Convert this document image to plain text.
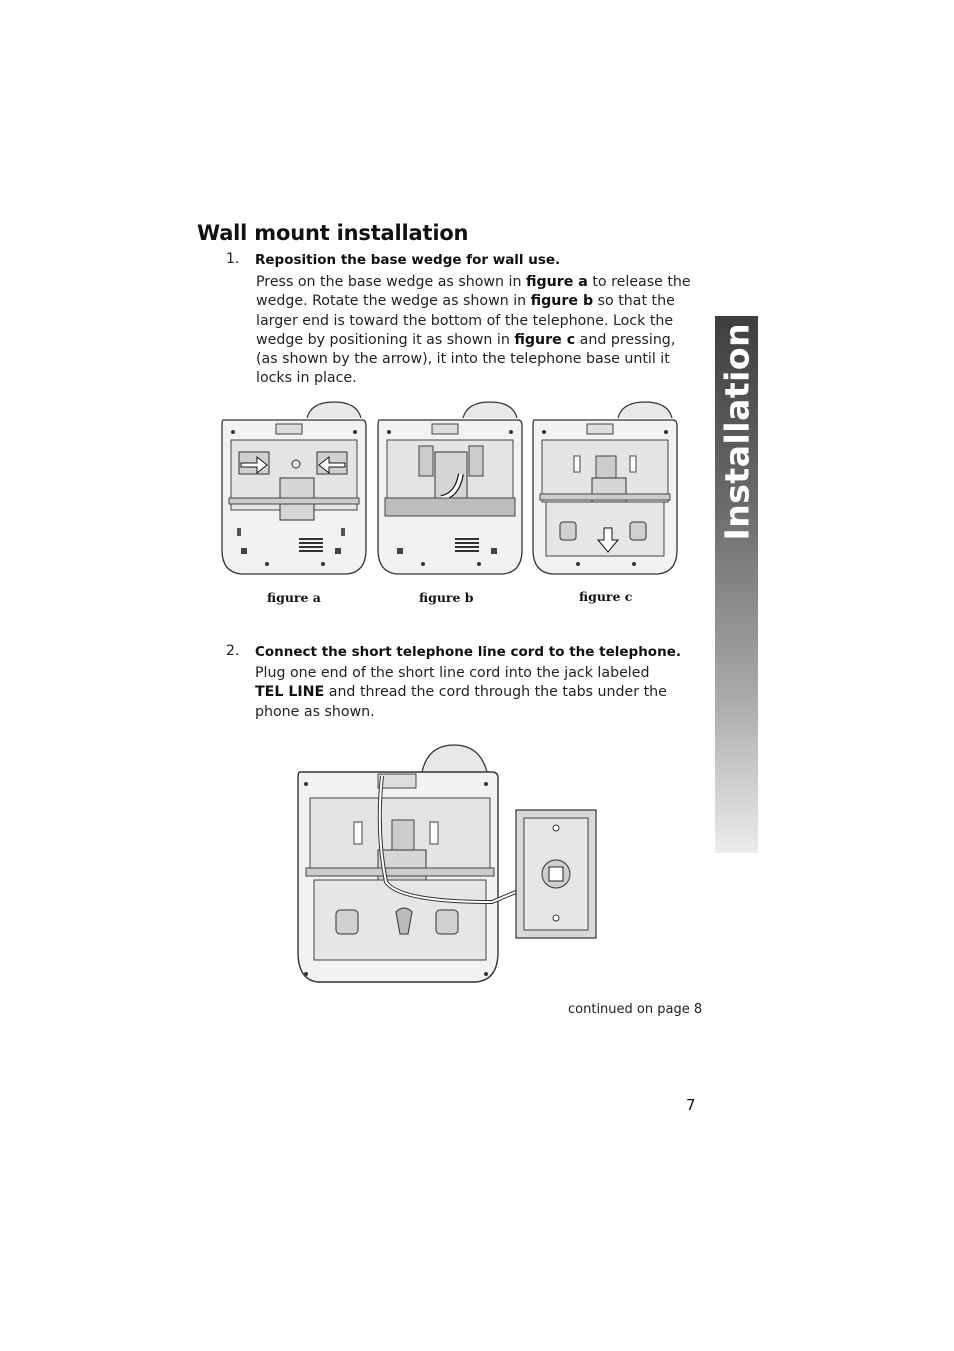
Installation
Wall mount installation
1. Reposition the base wedge for wall use.
Press on the base wedge as shown in figure a to release the
wedge. Rotate the wedge as shown in figure b so that the
larger end is toward the bottom of the telephone. Lock the
wedge by positioning it as shown in figure c and pressing,
(as shown by the arrow), it into the telephone base until it
locks in place.
figure a	figure b	figure c
2. Connect the short telephone line cord to the telephone.
Plug one end of the short line cord into the jack labeled
TEL LINE and thread the cord through the tabs under the
phone as shown.
continued on page 8
7
